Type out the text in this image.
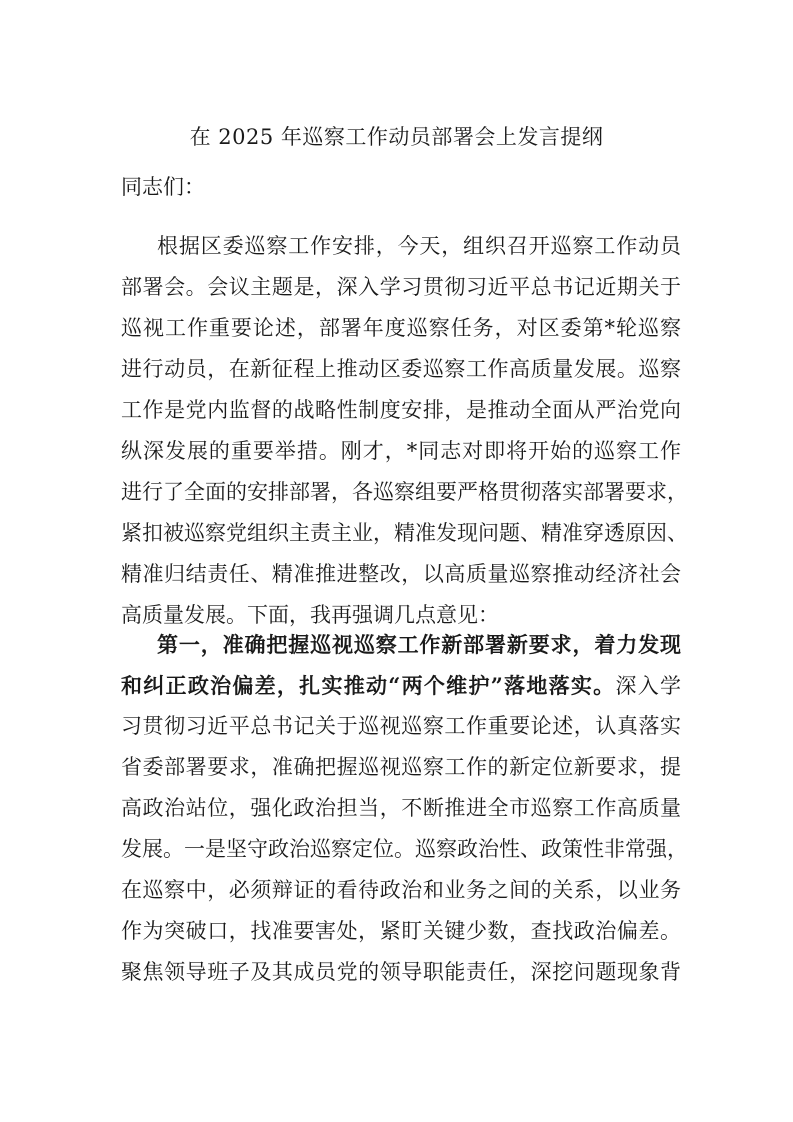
在 2025 年巡察工作动员部署会上发言提纲
同志们：
根据区委巡察工作安排，今天，组织召开巡察工作动员
部署会。会议主题是，深入学习贯彻习近平总书记近期关于
巡视工作重要论述，部署年度巡察任务，对区委第*轮巡察
进行动员，在新征程上推动区委巡察工作高质量发展。巡察
工作是党内监督的战略性制度安排，是推动全面从严治党向
纵深发展的重要举措。刚才，*同志对即将开始的巡察工作
进行了全面的安排部署，各巡察组要严格贯彻落实部署要求，
紧扣被巡察党组织主责主业，精准发现问题、精准穿透原因、
精准归结责任、精准推进整改，以高质量巡察推动经济社会
高质量发展。下面，我再强调几点意见：
第一，准确把握巡视巡察工作新部署新要求，着力发现
和纠正政治偏差，扎实推动“两个维护”落地落实。深入学
习贯彻习近平总书记关于巡视巡察工作重要论述，认真落实
省委部署要求，准确把握巡视巡察工作的新定位新要求，提
高政治站位，强化政治担当，不断推进全市巡察工作高质量
发展。一是坚守政治巡察定位。巡察政治性、政策性非常强，
在巡察中，必须辩证的看待政治和业务之间的关系，以业务
作为突破口，找准要害处，紧盯关键少数，查找政治偏差。
聚焦领导班子及其成员党的领导职能责任，深挖问题现象背
